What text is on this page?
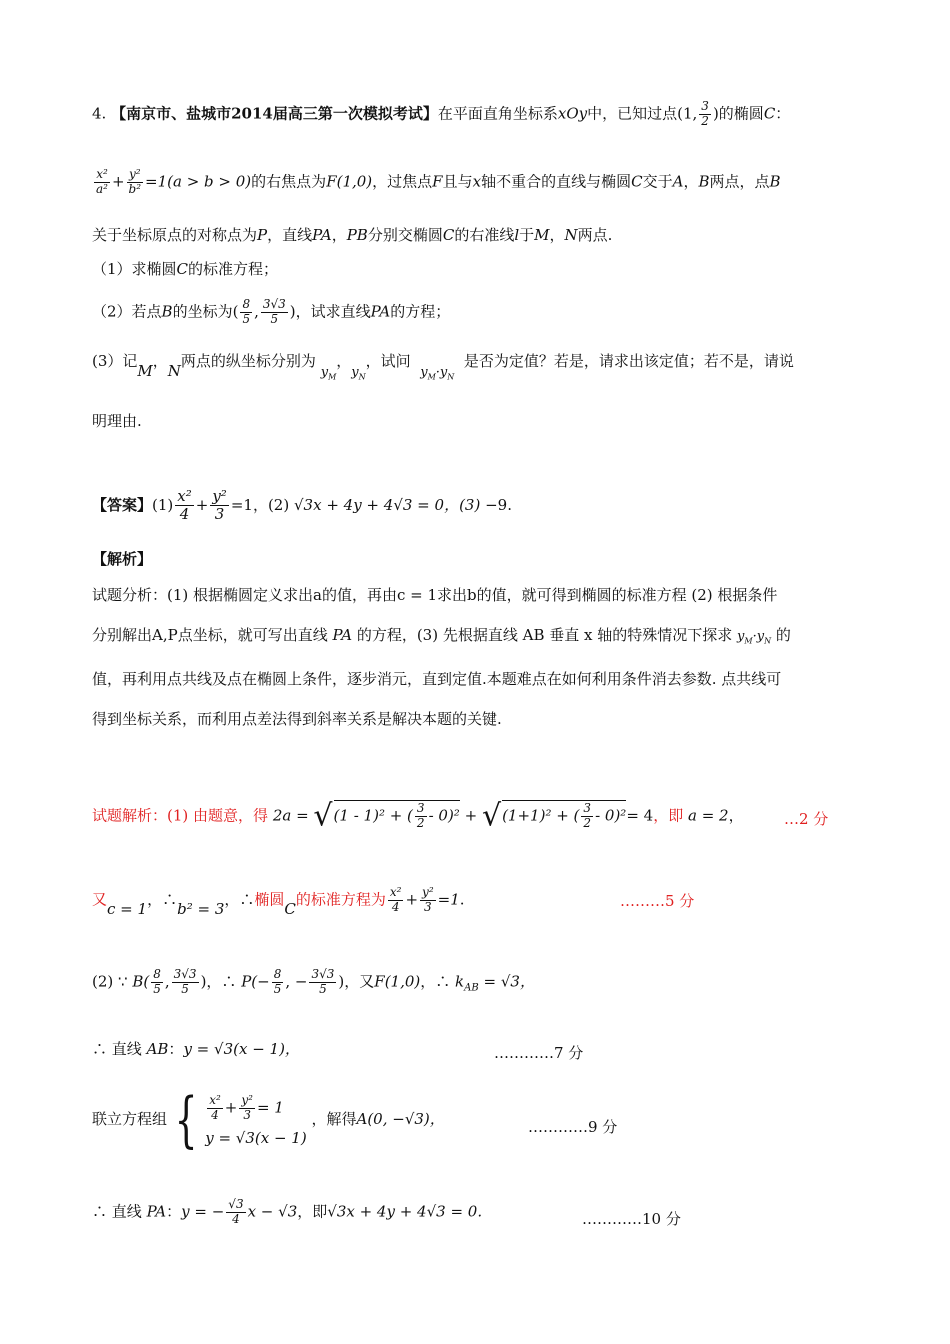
4. 【南京市、盐城市2014届高三第一次模拟考试】在平面直角坐标系xOy中，已知过点(1, $\frac{3}{2}$ )的椭圆C：
$\frac{\text{x²}}{\text{a²}} + \frac{\text{y²}}{\text{b²}} =1(a > b > 0)$的右焦点为F(1,0)，过焦点F且与x轴不重合的直线与椭圆C交于A，B两点，点B
关于坐标原点的对称点为P，直线PA，PB分别交椭圆C的右准线l于M，N两点.
（1）求椭圆C的标准方程；
（2）若点B的坐标为( $\frac{8}{5}$ , $\frac{3√3}{5}$ )，试求直线PA的方程；
(3）记M，N两点的纵坐标分别为 $y_M$，$y_N$，试问  $y_M\cdot y_N$  是否为定值？若是，请求出该定值；若不是，请说
明理由.
【答案】$(1) \frac{\text{x²}}{4} + \frac{\text{y²}}{3} =1$，(2) √3x + 4y + 4√3 = 0，(3) −9.
【解析】
试题分析：(1) 根据椭圆定义求出a的值，再由c = 1求出b的值，就可得到椭圆的标准方程 (2) 根据条件
分别解出A,P点坐标，就可写出直线 PA 的方程，(3) 先根据直线 AB 垂直 x 轴的特殊情况下探求 $y_M\cdot y_N$ 的
值，再利用点共线及点在椭圆上条件，逐步消元，直到定值.本题难点在如何利用条件消去参数. 点共线可
得到坐标关系，而利用点差法得到斜率关系是解决本题的关键.
试题解析：(1) 由题意，得 2a = √(1 - 1)² + ( $\frac{3}{2} - 0)^2 + √(1+1)^2$ + ( $\frac{3}{2} - 0)^2= 4$，即 a = 2，	…2 分
又c = 1，∴b² = 3，∴椭圆C的标准方程为 $\frac{\text{x²}}{4} + \frac{\text{y²}}{3} =1$.	………5 分
(2) ∵ $B( \frac{8}{5}$ , $\frac{3√3}{5}$ )，∴ $P(- \frac{8}{5}$ , − $\frac{3√3}{5}$ )，又F(1,0)，∴ $k_{AB} = √3$，
∴ 直线 AB：y = √3(x − 1)，	…………7 分
联立方程组 { $\frac{\text{x²}}{4} + \frac{\text{y²}}{3} = 1$
y = √3(x − 1)
，解得A(0, −√3)，	…………9 分
∴ 直线 PA：y = − $\frac{√3}{4}$ x − √3，即√3x + 4y + 4√3 = 0.	…………10 分
